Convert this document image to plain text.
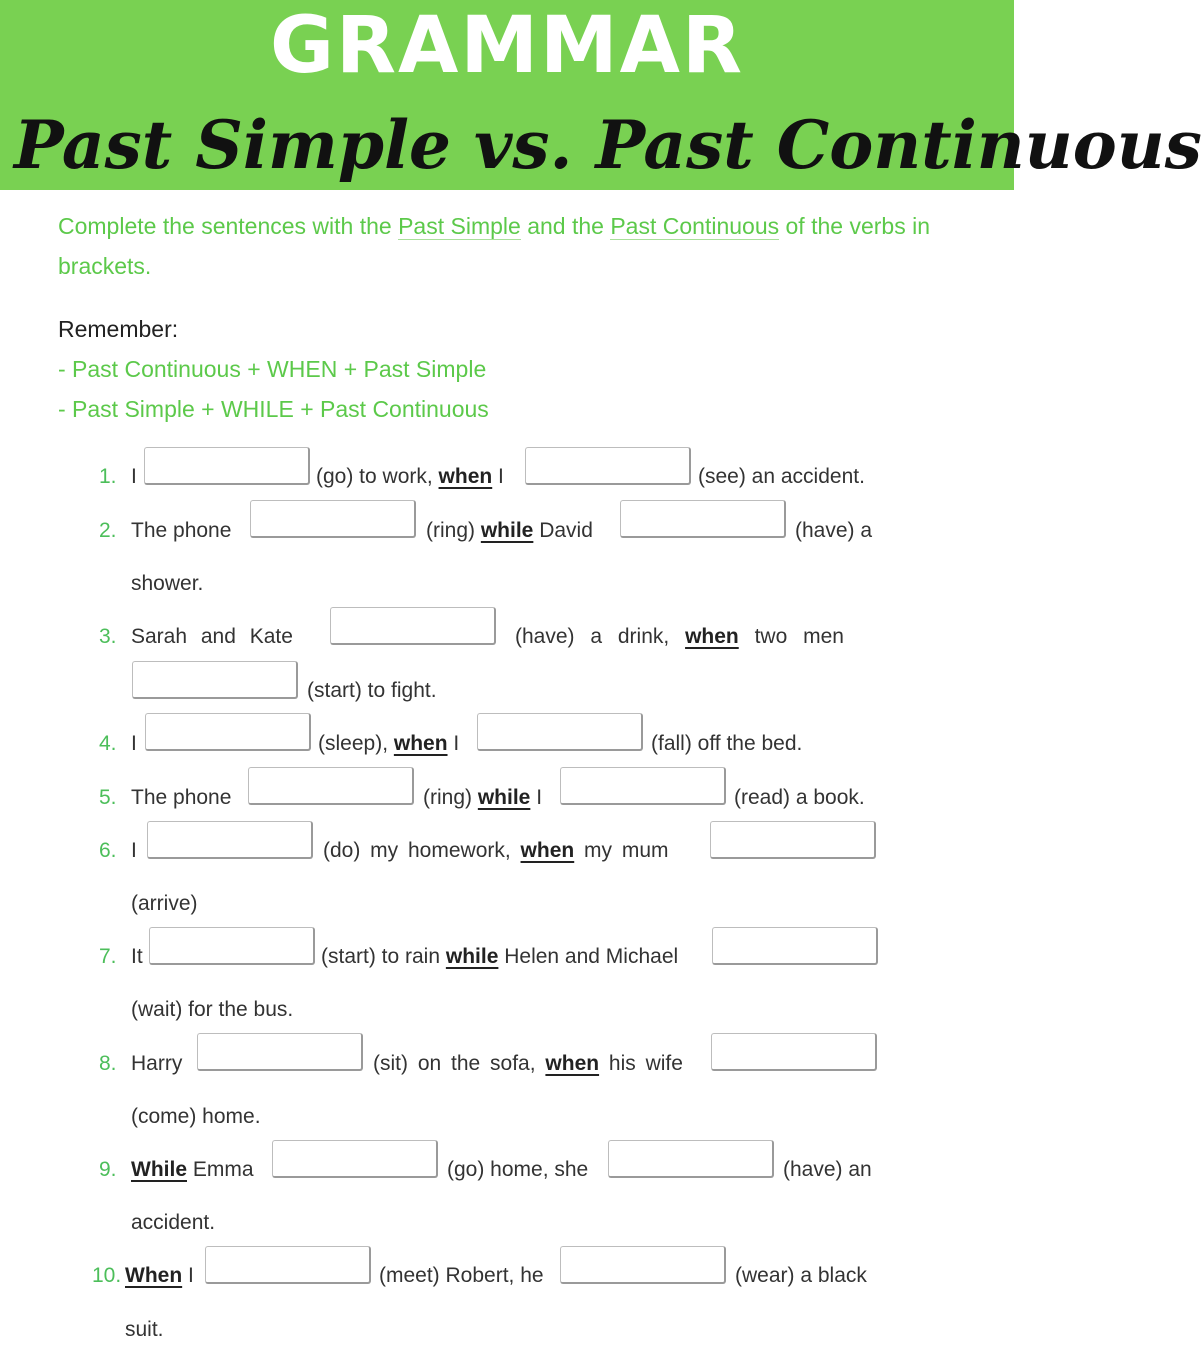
GRAMMAR
Past Simple vs. Past Continuous
Complete the sentences with the Past Simple and the Past Continuous of the verbs in brackets.
Remember:
- Past Continuous + WHEN + Past Simple
- Past Simple + WHILE + Past Continuous
1. I	(go) to work, when I	(see) an accident.
2. The phone	(ring) while David	(have) a
shower.
3. Sarah and Kate	(have) a drink, when two men
(start) to fight.
4. I	(sleep), when I	(fall) off the bed.
5. The phone	(ring) while I	(read) a book.
6. I	(do) my homework, when my mum
(arrive)
7. It	(start) to rain while Helen and Michael
(wait) for the bus.
8. Harry	(sit) on the sofa, when his wife
(come) home.
9. While Emma	(go) home, she	(have) an
accident.
10. When I	(meet) Robert, he	(wear) a black
suit.
